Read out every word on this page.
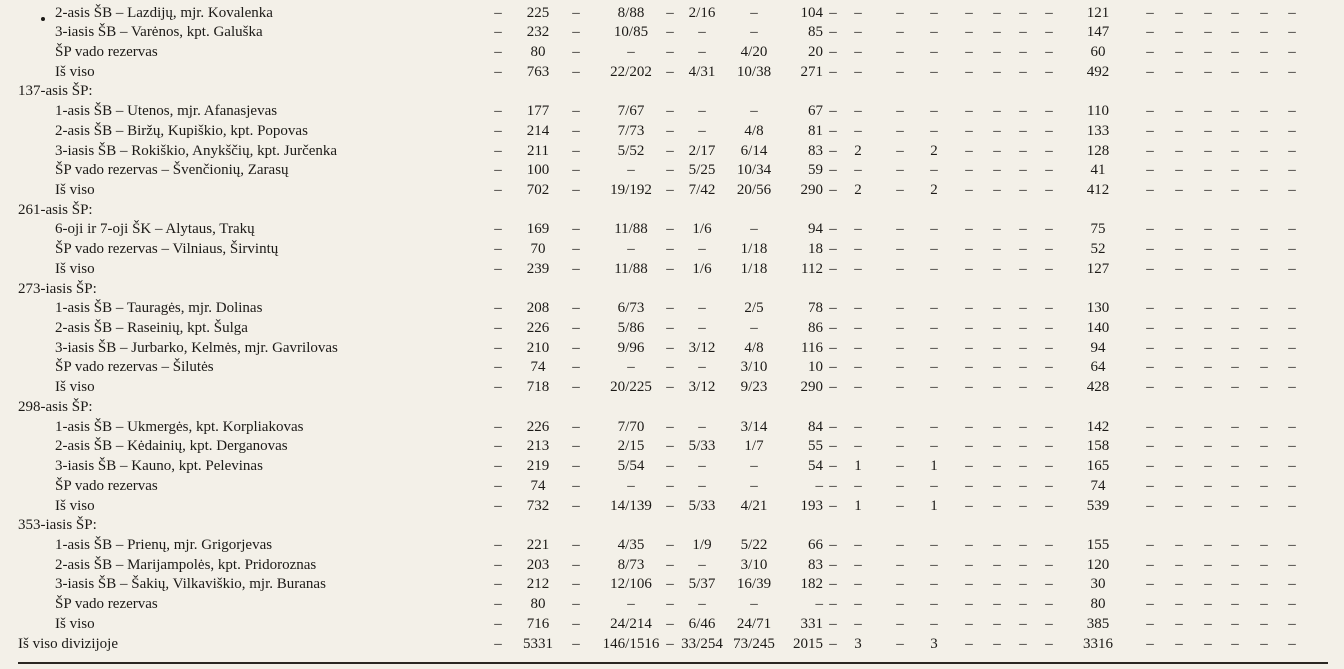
2-asis ŠB – Lazdijų, mjr. Kovalenka	–	225	–	8/88	– 2/16	–	104 – – – – – – – –	121	– – – – – –
3-iasis ŠB – Varėnos, kpt. Galuška	–	232	–	10/85	–	–	–	85 – – – – – – – –	147	– – – – – –
ŠP vado rezervas	–	80	–	–	–	–	4/20	20 – – – – – – – –	60	– – – – – –
Iš viso	–	763	–	22/202 – 4/31	10/38	271 – – – – – – – –	492	– – – – – –
137-asis ŠP:
1-asis ŠB – Utenos, mjr. Afanasjevas	–	177	–	7/67	–	–	–	67 – – – – – – – –	110	– – – – – –
2-asis ŠB – Biržų, Kupiškio, kpt. Popovas	–	214	–	7/73	–	–	4/8	81 – – – – – – – –	133	– – – – – –
3-iasis ŠB – Rokiškio, Anykščių, kpt. Jurčenka	–	211	–	5/52	– 2/17	6/14	83 – 2 – 2 – – – –	128	– – – – – –
ŠP vado rezervas – Švenčionių, Zarasų	–	100	–	–	– 5/25	10/34	59 – – – – – – – –	41	– – – – – –
Iš viso	–	702	–	19/192 – 7/42	20/56	290 – 2 – 2 – – – –	412	– – – – – –
261-asis ŠP:
6-oji ir 7-oji ŠK – Alytaus, Trakų	–	169	–	11/88	–	1/6	–	94 – – – – – – – –	75	– – – – – –
ŠP vado rezervas – Vilniaus, Širvintų	–	70	–	–	–	–	1/18	18 – – – – – – – –	52	– – – – – –
Iš viso	–	239	–	11/88	–	1/6	1/18	112 – – – – – – – –	127	– – – – – –
273-iasis ŠP:
1-asis ŠB – Tauragės, mjr. Dolinas	–	208	–	6/73	–	–	2/5	78 – – – – – – – –	130	– – – – – –
2-asis ŠB – Raseinių, kpt. Šulga	–	226	–	5/86	–	–	–	86 – – – – – – – –	140	– – – – – –
3-iasis ŠB – Jurbarko, Kelmės, mjr. Gavrilovas	–	210	–	9/96	– 3/12	4/8	116 – – – – – – – –	94	– – – – – –
ŠP vado rezervas – Šilutės	–	74	–	–	–	–	3/10	10 – – – – – – – –	64	– – – – – –
Iš viso	–	718	–	20/225 – 3/12	9/23	290 – – – – – – – –	428	– – – – – –
298-asis ŠP:
1-asis ŠB – Ukmergės, kpt. Korpliakovas	–	226	–	7/70	–	–	3/14	84 – – – – – – – –	142	– – – – – –
2-asis ŠB – Kėdainių, kpt. Derganovas	–	213	–	2/15	– 5/33	1/7	55 – – – – – – – –	158	– – – – – –
3-iasis ŠB – Kauno, kpt. Pelevinas	–	219	–	5/54	–	–	–	54 – 1 – 1 – – – –	165	– – – – – –
ŠP vado rezervas	–	74	–	–	–	–	–	– – – – – – – – –	74	– – – – – –
Iš viso	–	732	–	14/139 – 5/33	4/21	193 – 1 – 1 – – – –	539	– – – – – –
353-iasis ŠP:
1-asis ŠB – Prienų, mjr. Grigorjevas	–	221	–	4/35	–	1/9	5/22	66 – – – – – – – –	155	– – – – – –
2-asis ŠB – Marijampolės, kpt. Pridoroznas	–	203	–	8/73	–	–	3/10	83 – – – – – – – –	120	– – – – – –
3-iasis ŠB – Šakių, Vilkaviškio, mjr. Buranas	–	212	–	12/106 – 5/37	16/39	182 – – – – – – – –	30	– – – – – –
ŠP vado rezervas	–	80	–	–	–	–	–	– – – – – – – – –	80	– – – – – –
Iš viso	–	716	–	24/214 – 6/46	24/71	331 – – – – – – – –	385	– – – – – –
Iš viso divizijoje	– 5331 –	146/1516 – 33/254 73/245	2015 – 3 – 3 – – – –	3316	– – – – – –
